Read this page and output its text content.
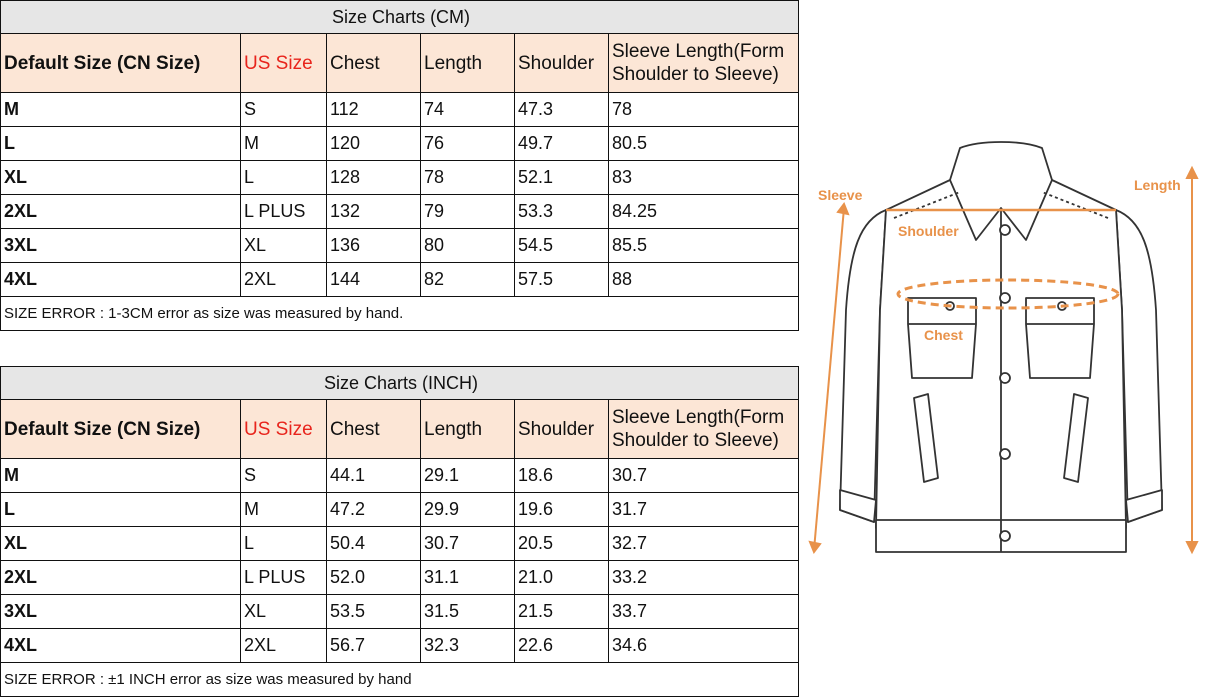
Size Charts (CM)					
Default Size (CN Size)	US Size	Chest	Length	Shoulder	Sleeve Length(Form Shoulder to Sleeve)
M	S	112	74	47.3	78
L	M	120	76	49.7	80.5
XL	L	128	78	52.1	83
2XL	L PLUS	132	79	53.3	84.25
3XL	XL	136	80	54.5	85.5
4XL	2XL	144	82	57.5	88
SIZE ERROR : 1-3CM error as size was measured by hand.					
Size Charts (INCH)					
Default Size (CN Size)	US Size	Chest	Length	Shoulder	Sleeve Length(Form Shoulder to Sleeve)
M	S	44.1	29.1	18.6	30.7
L	M	47.2	29.9	19.6	31.7
XL	L	50.4	30.7	20.5	32.7
2XL	L PLUS	52.0	31.1	21.0	33.2
3XL	XL	53.5	31.5	21.5	33.7
4XL	2XL	56.7	32.3	22.6	34.6
SIZE ERROR : ±1 INCH error as size was measured by hand					
Sleeve
Length
Shoulder
Chest
